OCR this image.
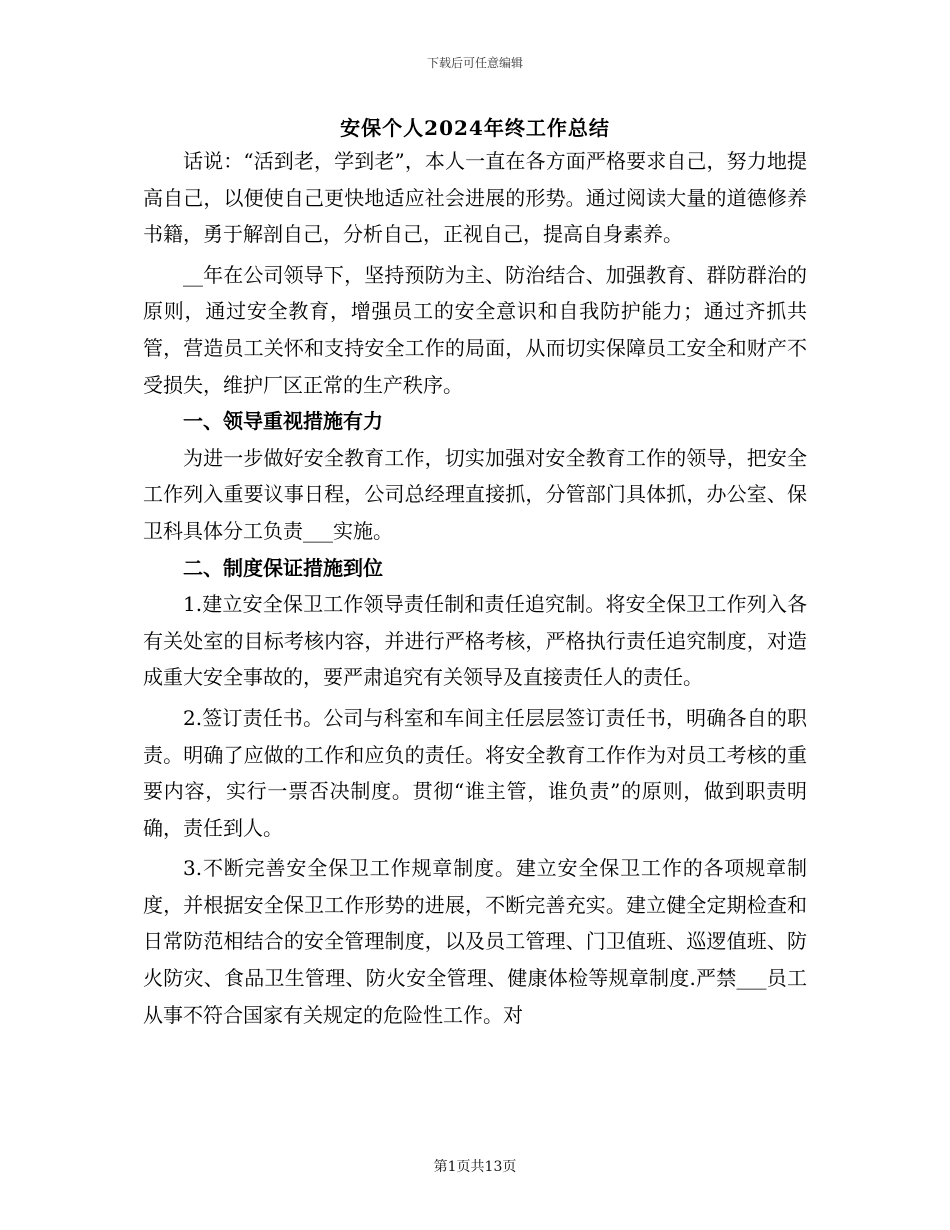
下载后可任意编辑
安保个人2024年终工作总结

话说：“活到老，学到老”，本人一直在各方面严格要求自己，努力地提高自己，以便使自己更快地适应社会进展的形势。通过阅读大量的道德修养书籍，勇于解剖自己，分析自己，正视自己，提高自身素养。

__年在公司领导下，坚持预防为主、防治结合、加强教育、群防群治的原则，通过安全教育，增强员工的安全意识和自我防护能力；通过齐抓共管，营造员工关怀和支持安全工作的局面，从而切实保障员工安全和财产不受损失，维护厂区正常的生产秩序。

一、领导重视措施有力

为进一步做好安全教育工作，切实加强对安全教育工作的领导，把安全工作列入重要议事日程，公司总经理直接抓，分管部门具体抓，办公室、保卫科具体分工负责___实施。

二、制度保证措施到位

1.建立安全保卫工作领导责任制和责任追究制。将安全保卫工作列入各有关处室的目标考核内容，并进行严格考核，严格执行责任追究制度，对造成重大安全事故的，要严肃追究有关领导及直接责任人的责任。

2.签订责任书。公司与科室和车间主任层层签订责任书，明确各自的职责。明确了应做的工作和应负的责任。将安全教育工作作为对员工考核的重要内容，实行一票否决制度。贯彻“谁主管，谁负责”的原则，做到职责明确，责任到人。

3.不断完善安全保卫工作规章制度。建立安全保卫工作的各项规章制度，并根据安全保卫工作形势的进展，不断完善充实。建立健全定期检查和日常防范相结合的安全管理制度，以及员工管理、门卫值班、巡逻值班、防火防灾、食品卫生管理、防火安全管理、健康体检等规章制度.严禁___员工从事不符合国家有关规定的危险性工作。对

第1页共13页
